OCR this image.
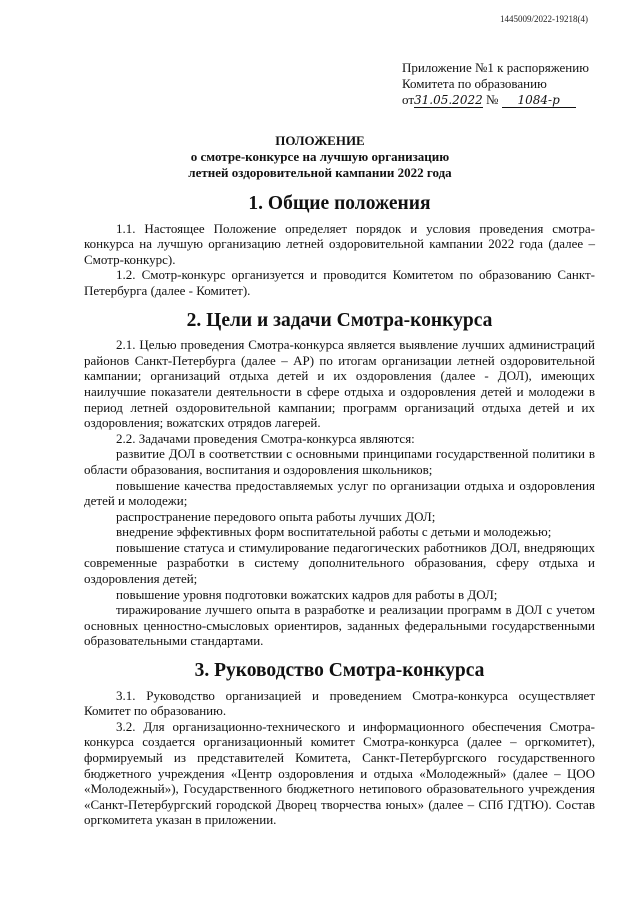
1445009/2022-19218(4)
Приложение №1 к распоряжению
Комитета по образованию
от31.05.2022 № 1084-р
ПОЛОЖЕНИЕ
о смотре-конкурсе на лучшую организацию
летней оздоровительной кампании 2022 года
1. Общие положения

1.1. Настоящее Положение определяет порядок и условия проведения смотра-конкурса на лучшую организацию летней оздоровительной кампании 2022 года (далее – Смотр-конкурс).

1.2. Смотр-конкурс организуется и проводится Комитетом по образованию Санкт-Петербурга (далее - Комитет).

2. Цели и задачи Смотра-конкурса

2.1. Целью проведения Смотра-конкурса является выявление лучших администраций районов Санкт-Петербурга (далее – АР) по итогам организации летней оздоровительной кампании; организаций отдыха детей и их оздоровления (далее - ДОЛ), имеющих наилучшие показатели деятельности в сфере отдыха и оздоровления детей и молодежи в период летней оздоровительной кампании; программ организаций отдыха детей и их оздоровления; вожатских отрядов лагерей.

2.2. Задачами проведения Смотра-конкурса являются:

развитие ДОЛ в соответствии с основными принципами государственной политики в области образования, воспитания и оздоровления школьников;

повышение качества предоставляемых услуг по организации отдыха и оздоровления детей и молодежи;

распространение передового опыта работы лучших ДОЛ;

внедрение эффективных форм воспитательной работы с детьми и молодежью;

повышение статуса и стимулирование педагогических работников ДОЛ, внедряющих современные разработки в систему дополнительного образования, сферу отдыха и оздоровления детей;

повышение уровня подготовки вожатских кадров для работы в ДОЛ;

тиражирование лучшего опыта в разработке и реализации программ в ДОЛ с учетом основных ценностно-смысловых ориентиров, заданных федеральными государственными образовательными стандартами.

3. Руководство Смотра-конкурса

3.1. Руководство организацией и проведением Смотра-конкурса осуществляет Комитет по образованию.

3.2. Для организационно-технического и информационного обеспечения Смотра-конкурса создается организационный комитет Смотра-конкурса (далее – оргкомитет), формируемый из представителей Комитета, Санкт-Петербургского государственного бюджетного учреждения «Центр оздоровления и отдыха «Молодежный» (далее – ЦОО «Молодежный»), Государственного бюджетного нетипового образовательного учреждения «Санкт-Петербургский городской Дворец творчества юных» (далее – СПб ГДТЮ). Состав оргкомитета указан в приложении.
